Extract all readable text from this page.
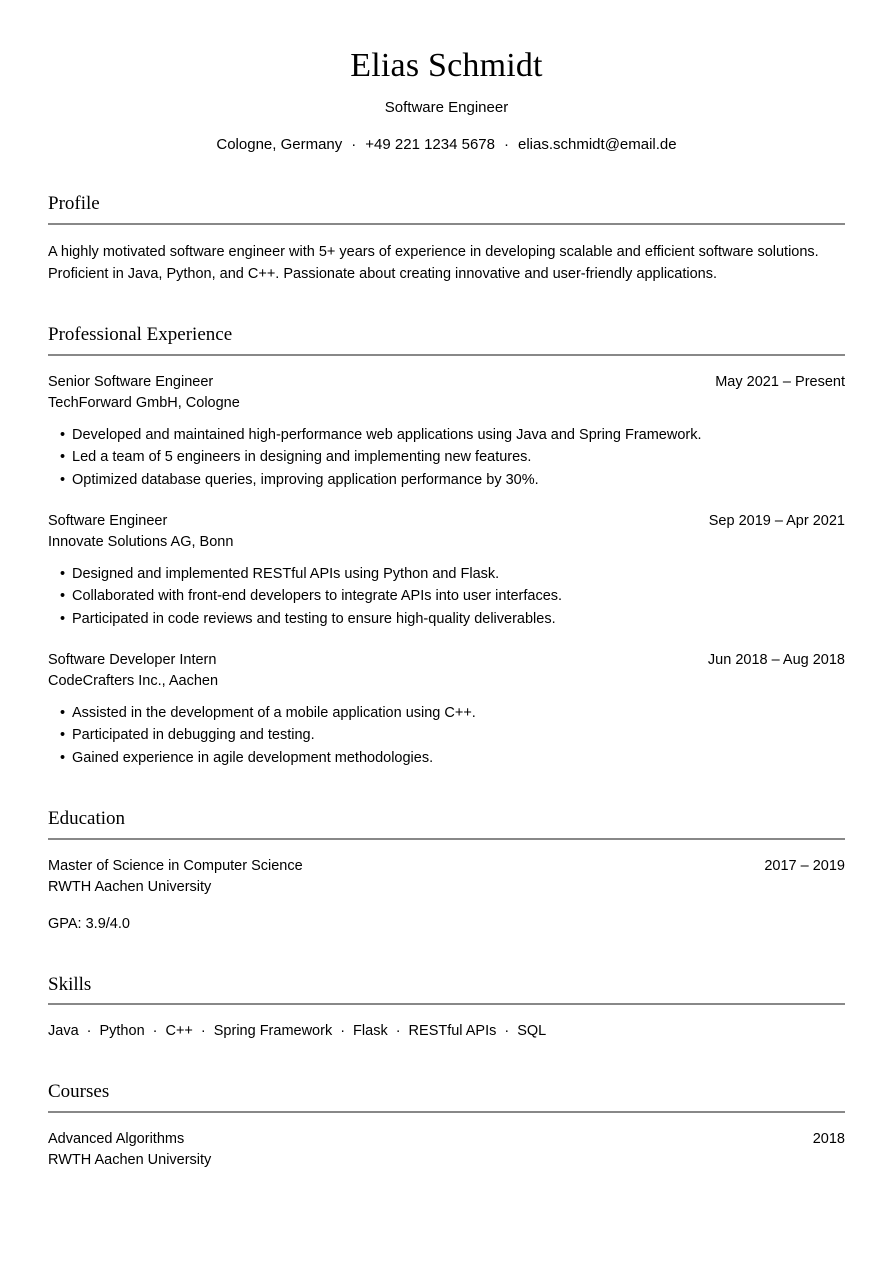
Elias Schmidt
Software Engineer
Cologne, Germany · +49 221 1234 5678 · elias.schmidt@email.de
Profile

A highly motivated software engineer with 5+ years of experience in developing scalable and efficient software solutions. Proficient in Java, Python, and C++. Passionate about creating innovative and user-friendly applications.

Professional Experience
Senior Software Engineer	May 2021 – Present
TechForward GmbH, Cologne
• Developed and maintained high-performance web applications using Java and Spring Framework.
• Led a team of 5 engineers in designing and implementing new features.
• Optimized database queries, improving application performance by 30%.
Software Engineer	Sep 2019 – Apr 2021
Innovate Solutions AG, Bonn
• Designed and implemented RESTful APIs using Python and Flask.
• Collaborated with front-end developers to integrate APIs into user interfaces.
• Participated in code reviews and testing to ensure high-quality deliverables.
Software Developer Intern	Jun 2018 – Aug 2018
CodeCrafters Inc., Aachen
• Assisted in the development of a mobile application using C++.
• Participated in debugging and testing.
• Gained experience in agile development methodologies.
Education
Master of Science in Computer Science	2017 – 2019
RWTH Aachen University
GPA: 3.9/4.0
Skills

Java · Python · C++ · Spring Framework · Flask · RESTful APIs · SQL

Courses
Advanced Algorithms	2018
RWTH Aachen University
